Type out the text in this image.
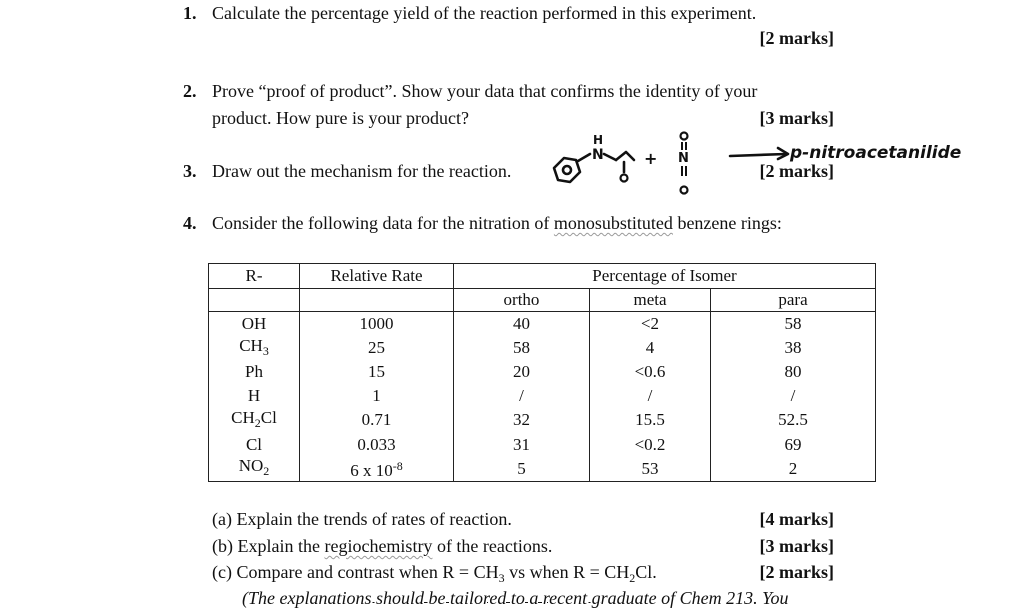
1. Calculate the percentage yield of the reaction performed in this experiment.
[2 marks]
2. Prove “proof of product”. Show your data that confirms the identity of your
product. How pure is your product?	[3 marks]
3. Draw out the mechanism for the reaction.	[2 marks]
H
N	+ N	p-nitroacetanilide
4. Consider the following data for the nitration of monosubstituted benzene rings:
R-	Relative Rate	Percentage of Isomer		
		ortho	meta	para
OH	1000	40	<2	58
$CH_3$	25	58	4	38
Ph	15	20	<0.6	80
H	1	/	/	/
$CH_2Cl$	0.71	32	15.5	52.5
Cl	0.033	31	<0.2	69
$NO_2$	6 x $10^{-8}$	5	53	2
(a) Explain the trends of rates of reaction.	[4 marks]
(b) Explain the regiochemistry of the reactions.	[3 marks]
(c) Compare and contrast when $R = CH_3$ vs when $R = CH_2Cl$.	[2 marks]
(The explanations should be tailored to a recent graduate of Chem 213. You
